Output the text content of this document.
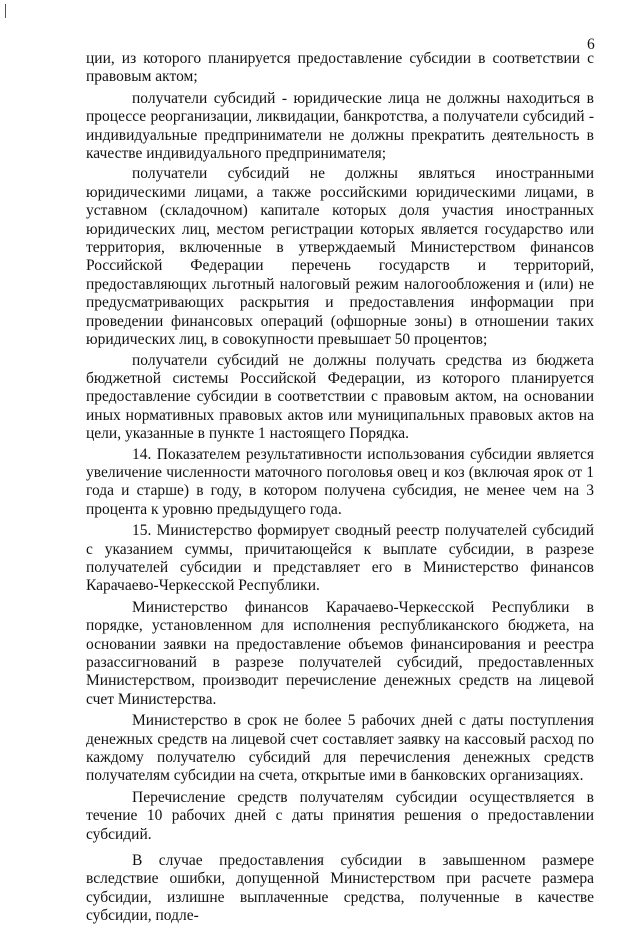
6

ции, из которого планируется предоставление субсидии в соответствии с правовым актом;

получатели субсидий - юридические лица не должны находиться в процессе реорганизации, ликвидации, банкротства, а получатели субсидий - индивидуальные предприниматели не должны прекратить деятельность в качестве индивидуального предпринимателя;

получатели субсидий не должны являться иностранными юридическими лицами, а также российскими юридическими лицами, в уставном (складочном) капитале которых доля участия иностранных юридических лиц, местом регистрации которых является государство или территория, включенные в утверждаемый Министерством финансов Российской Федерации перечень государств и территорий, предоставляющих льготный налоговый режим налогообложения и (или) не предусматривающих раскрытия и предоставления информации при проведении финансовых операций (офшорные зоны) в отношении таких юридических лиц, в совокупности превышает 50 процентов;

получатели субсидий не должны получать средства из бюджета бюджетной системы Российской Федерации, из которого планируется предоставление субсидии в соответствии с правовым актом, на основании иных нормативных правовых актов или муниципальных правовых актов на цели, указанные в пункте 1 настоящего Порядка.

14. Показателем результативности использования субсидии является увеличение численности маточного поголовья овец и коз (включая ярок от 1 года и старше) в году, в котором получена субсидия, не менее чем на 3 процента к уровню предыдущего года.

15. Министерство формирует сводный реестр получателей субсидий с указанием суммы, причитающейся к выплате субсидии, в разрезе получателей субсидии и представляет его в Министерство финансов Карачаево-Черкесской Республики.

Министерство финансов Карачаево-Черкесской Республики в порядке, установленном для исполнения республиканского бюджета, на основании заявки на предоставление объемов финансирования и реестра разассигнований в разрезе получателей субсидий, предоставленных Министерством, производит перечисление денежных средств на лицевой счет Министерства.

Министерство в срок не более 5 рабочих дней с даты поступления денежных средств на лицевой счет составляет заявку на кассовый расход по каждому получателю субсидий для перечисления денежных средств получателям субсидии на счета, открытые ими в банковских организациях.

Перечисление средств получателям субсидии осуществляется в течение 10 рабочих дней с даты принятия решения о предоставлении субсидий.

В случае предоставления субсидии в завышенном размере вследствие ошибки, допущенной Министерством при расчете размера субсидии, излишне выплаченные средства, полученные в качестве субсидии, подле-
